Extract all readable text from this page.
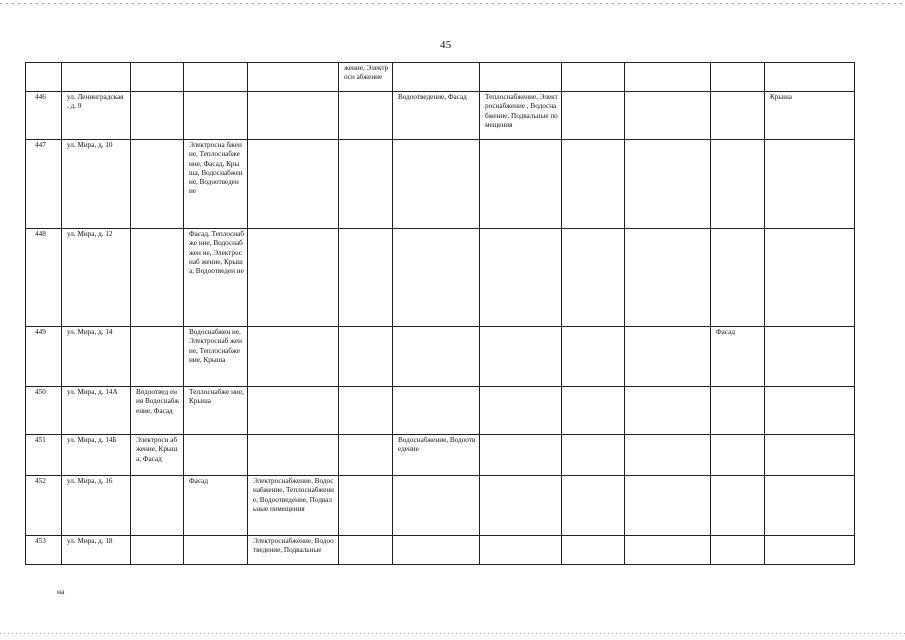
45
					жение, Электросн абжение						
446	ул. Ленинградская , д. 9					Водоотведение, Фасад	Теплоснабжение, Электроснабжение , Водоснабжение, Подвальные помещения				Крыша
447	ул. Мира, д. 10		Электросна бжение, Теплоснабже ние, Фасад, Крыша, Водоснабжен ие, Водоотведен ие								
448	ул. Мира, д. 12		Фасад, Теплоснабже ние, Водоснабжен ие, Электроснаб жение, Крыша, Водоотведен ие								
449	ул. Мира, д. 14		Водоснабжен ие, Электроснаб жение, Теплоснабже ние, Крыша							Фасад	
450	ул. Мира, д. 14А	Водоотвед ения Водоснабж ение, Фасад	Теплоснабже ние, Крыша								
451	ул. Мира, д. 14Б	Электросн абжение, Крыша, Фасад				Водоснабжение, Водоотведение					
452	ул. Мира, д. 16		Фасад	Электроснабжение, Водоснабжение, Теплоснабжение, Водоотведение, Подвальные помещения							
453	ул. Мира, д. 18			Электроснабжение, Водоотведение, Подвальные							
на
